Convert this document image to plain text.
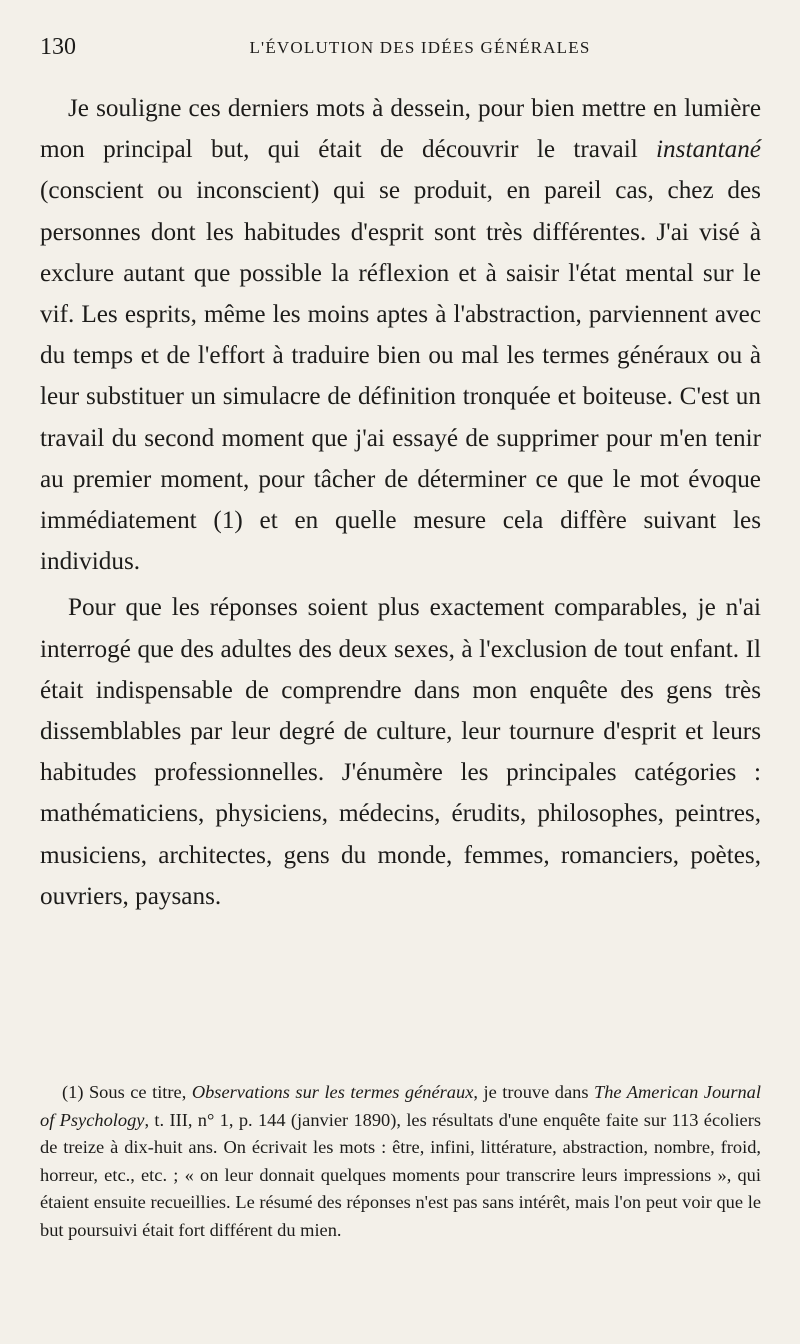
130	L'ÉVOLUTION DES IDÉES GÉNÉRALES

Je souligne ces derniers mots à dessein, pour bien mettre en lumière mon principal but, qui était de découvrir le travail instantané (conscient ou inconscient) qui se produit, en pareil cas, chez des personnes dont les habitudes d'esprit sont très différentes. J'ai visé à exclure autant que possible la réflexion et à saisir l'état mental sur le vif. Les esprits, même les moins aptes à l'abstraction, parviennent avec du temps et de l'effort à traduire bien ou mal les termes généraux ou à leur substituer un simulacre de définition tronquée et boiteuse. C'est un travail du second moment que j'ai essayé de supprimer pour m'en tenir au premier moment, pour tâcher de déterminer ce que le mot évoque immédiatement (1) et en quelle mesure cela diffère suivant les individus.

Pour que les réponses soient plus exactement comparables, je n'ai interrogé que des adultes des deux sexes, à l'exclusion de tout enfant. Il était indispensable de comprendre dans mon enquête des gens très dissemblables par leur degré de culture, leur tournure d'esprit et leurs habitudes professionnelles. J'énumère les principales catégories : mathématiciens, physiciens, médecins, érudits, philosophes, peintres, musiciens, architectes, gens du monde, femmes, romanciers, poètes, ouvriers, paysans.

(1) Sous ce titre, Observations sur les termes généraux, je trouve dans The American Journal of Psychology, t. III, n° 1, p. 144 (janvier 1890), les résultats d'une enquête faite sur 113 écoliers de treize à dix-huit ans. On écrivait les mots : être, infini, littérature, abstraction, nombre, froid, horreur, etc., etc. ; « on leur donnait quelques moments pour transcrire leurs impressions », qui étaient ensuite recueillies. Le résumé des réponses n'est pas sans intérêt, mais l'on peut voir que le but poursuivi était fort différent du mien.
